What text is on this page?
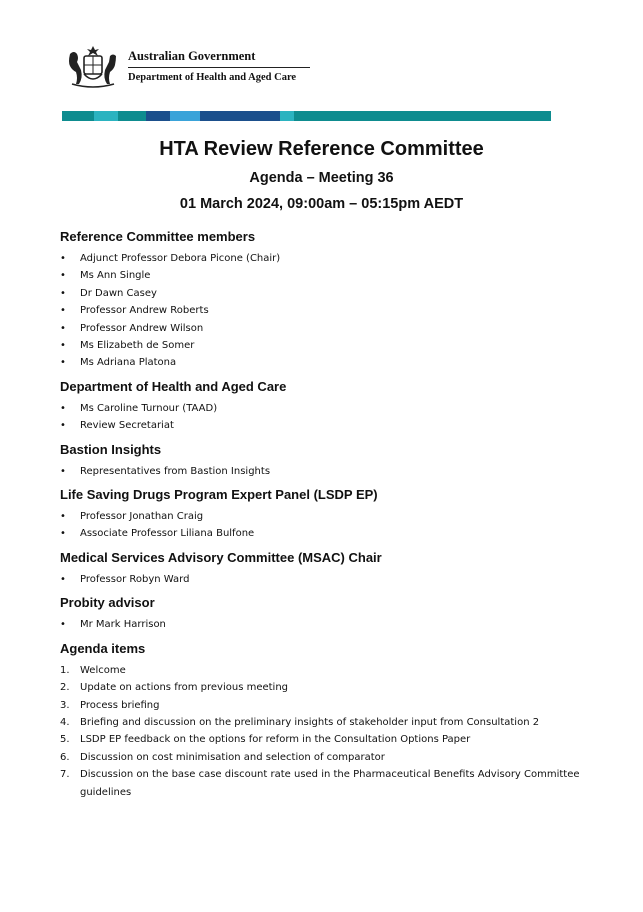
Australian Government
Department of Health and Aged Care
HTA Review Reference Committee
Agenda – Meeting 36
01 March 2024, 09:00am – 05:15pm AEDT
Reference Committee members
•	Adjunct Professor Debora Picone (Chair)
•	Ms Ann Single
•	Dr Dawn Casey
•	Professor Andrew Roberts
•	Professor Andrew Wilson
•	Ms Elizabeth de Somer
•	Ms Adriana Platona
Department of Health and Aged Care
•	Ms Caroline Turnour (TAAD)
•	Review Secretariat
Bastion Insights
•	Representatives from Bastion Insights
Life Saving Drugs Program Expert Panel (LSDP EP)
•	Professor Jonathan Craig
•	Associate Professor Liliana Bulfone
Medical Services Advisory Committee (MSAC) Chair
•	Professor Robyn Ward
Probity advisor
•	Mr Mark Harrison
Agenda items
1.	Welcome
2.	Update on actions from previous meeting
3.	Process briefing
4.	Briefing and discussion on the preliminary insights of stakeholder input from Consultation 2
5.	LSDP EP feedback on the options for reform in the Consultation Options Paper
6.	Discussion on cost minimisation and selection of comparator
7.	Discussion on the base case discount rate used in the Pharmaceutical Benefits Advisory Committee guidelines
